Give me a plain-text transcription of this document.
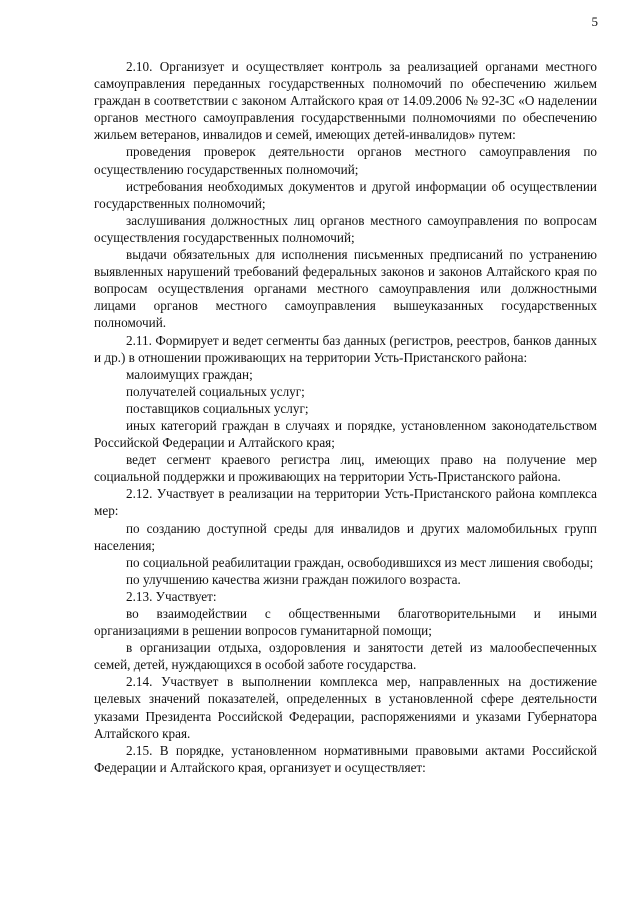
5

2.10. Организует и осуществляет контроль за реализацией органами местного самоуправления переданных государственных полномочий по обеспечению жильем граждан в соответствии с законом Алтайского края от 14.09.2006 № 92-ЗС «О наделении органов местного самоуправления государственными полномочиями по обеспечению жильем ветеранов, инвалидов и семей, имеющих детей-инвалидов» путем:

проведения проверок деятельности органов местного самоуправления по осуществлению государственных полномочий;

истребования необходимых документов и другой информации об осуществлении государственных полномочий;

заслушивания должностных лиц органов местного самоуправления по вопросам осуществления государственных полномочий;

выдачи обязательных для исполнения письменных предписаний по устранению выявленных нарушений требований федеральных законов и законов Алтайского края по вопросам осуществления органами местного самоуправления или должностными лицами органов местного самоуправления вышеуказанных государственных полномочий.

2.11. Формирует и ведет сегменты баз данных (регистров, реестров, банков данных и др.) в отношении проживающих на территории Усть-Пристанского района:

малоимущих граждан;

получателей социальных услуг;

поставщиков социальных услуг;

иных категорий граждан в случаях и порядке, установленном законодательством Российской Федерации и Алтайского края;

ведет сегмент краевого регистра лиц, имеющих право на получение мер социальной поддержки и проживающих на территории Усть-Пристанского района.

2.12. Участвует в реализации на территории Усть-Пристанского района комплекса мер:

по созданию доступной среды для инвалидов и других маломобильных групп населения;

по социальной реабилитации граждан, освободившихся из мест лишения свободы;

по улучшению качества жизни граждан пожилого возраста.

2.13. Участвует:

во взаимодействии с общественными благотворительными и иными организациями в решении вопросов гуманитарной помощи;

в организации отдыха, оздоровления и занятости детей из малообеспеченных семей, детей, нуждающихся в особой заботе государства.

2.14. Участвует в выполнении комплекса мер, направленных на достижение целевых значений показателей, определенных в установленной сфере деятельности указами Президента Российской Федерации, распоряжениями и указами Губернатора Алтайского края.

2.15. В порядке, установленном нормативными правовыми актами Российской Федерации и Алтайского края, организует и осуществляет:
